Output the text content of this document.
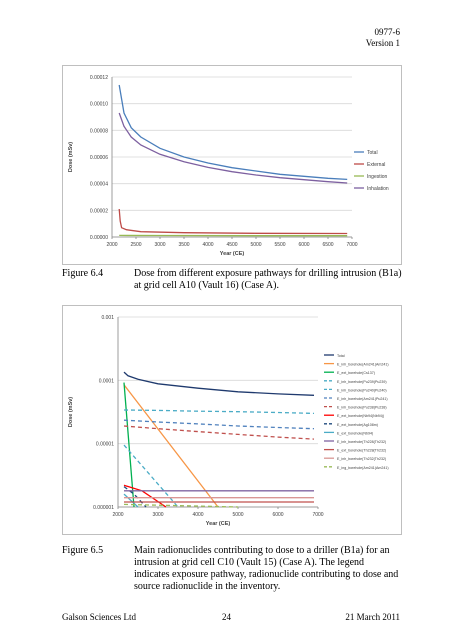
0977-6
Version 1
0.00000
0.00002
0.00004
0.00006
0.00008
0.00010
0.00012
2000	2500	3000	3500	4000	4500	5000	5500	6000	6500	7000
Year (CE)
Dose (mSv)	Total
External
Ingestion
Inhalation
Figure 6.4	Dose from different exposure pathways for drilling intrusion (B1a) at grid cell A10 (Vault 16) (Case A).
0.000001
0.00001
0.0001
0.001
2000	3000	4000	5000	6000	7000
Year (CE)
Dose (mSv)
Total
E_inh_borehole(Am241(Am241)
E_ext_borehole(Cs137)
E_inh_borehole(Pu239(Pu239)
E_inh_borehole(Pu240(Pu240)
E_inh_borehole(Am241(Pu241)
E_inh_borehole(Pu238(Pu238)
E_ext_borehole(Nb94(Nb94))
E_ext_borehole(Ag108m)
E_ext_borehole(Nb94)
E_inh_borehole(Th228(Th232)
E_ext_borehole(Th228(Th232)
E_inh_borehole(Th232(Th232)
E_ing_borehole(Am241(Am241)
Figure 6.5	Main radionuclides contributing to dose to a driller (B1a) for an intrusion at grid cell C10 (Vault 15) (Case A). The legend indicates exposure pathway, radionuclide contributing to dose and source radionuclide in the inventory.
Galson Sciences Ltd	24	21 March 2011
